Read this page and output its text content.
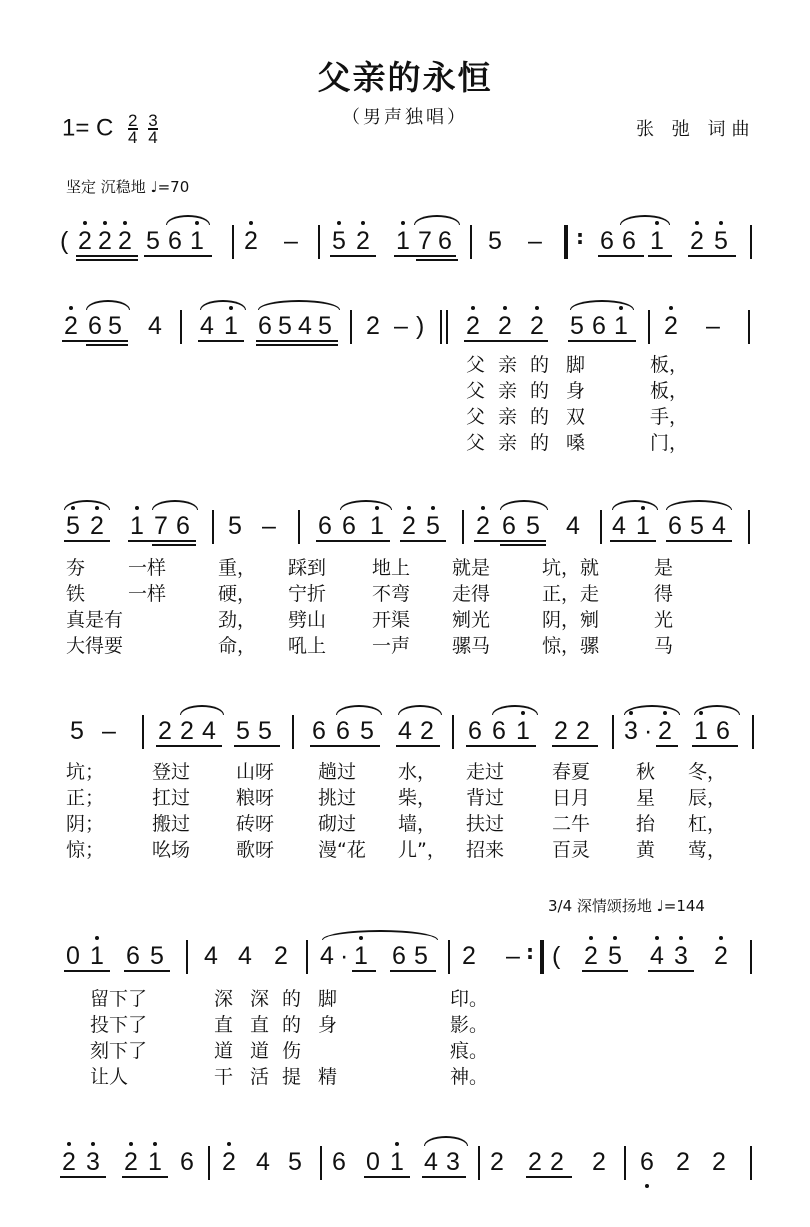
父亲的永恒
（男声独唱）
1= C $\frac{2}{4}$
$\frac{3}{4}$	张 弛 词曲
坚定 沉稳地 ♩=70
3/4 深情颂扬地 ♩=144
( 2 2 2 5 6 1 2 – 5 2 1 7 6 5 – : 6 6 1 2 5
2 6 5 4 4 1 6 5 4 5 2 – ) 2 2 2 5 6 1 2 –
5 2 1 7 6 5 – 6 6 1 2 5 2 6 5 4 4 1 6 5 4
5 – 2 2 4 5 5 6 6 5 4 2 6 6 1 2 2 3 · 2 1 6
0 1 6 5 4 4 2 4 · 1 6 5 2 – : ( 2 5 4 3 2
2 3 2 1 6 2 4 5 6 0 1 4 3 2 2 2 2 6 2 2
父 亲 的 脚	板，
父 亲 的 身	板，
父 亲 的 双	手，
父 亲 的 嗓	门，
夯 一样	重， 踩到 地上 就是	坑，就	是
铁 一样	硬， 宁折 不弯 走得	正，走	得
真是有	劲， 劈山 开渠 剜光	阴，剜	光
大得要	命， 吼上 一声 骡马	惊，骡	马
坑；	登过 山呀 趟过 水， 走过	春夏 秋 冬，
正；	扛过 粮呀 挑过 柴， 背过	日月 星 辰，
阴；	搬过 砖呀 砌过 墙， 扶过	二牛 抬 杠，
惊；	吆场 歌呀 漫“花 儿”， 招来	百灵 黄 莺，
留下了	深 深 的 脚	印。
投下了	直 直 的 身	影。
刻下了	道 道 伤	痕。
让人	干 活 提 精	神。
